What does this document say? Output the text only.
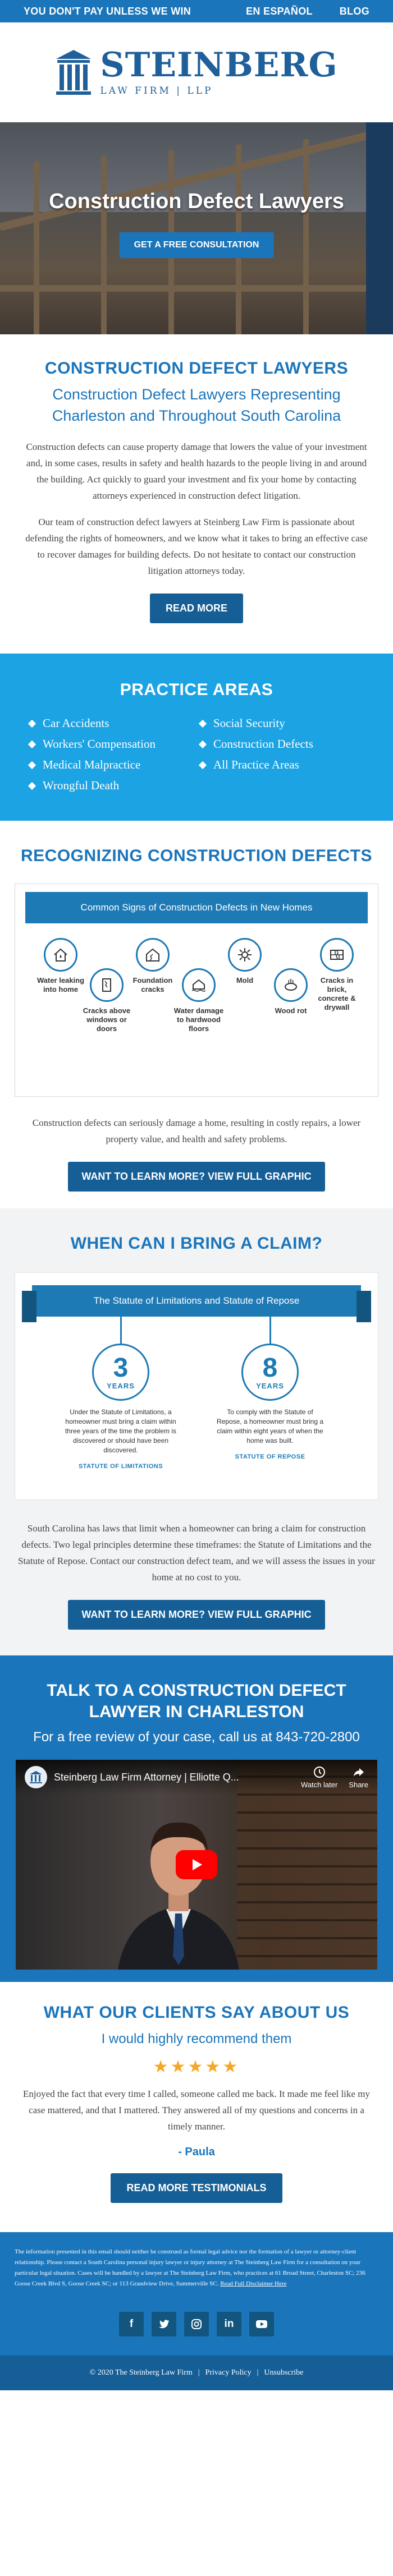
YOU DON'T PAY UNLESS WE WIN	EN ESPAÑOL	BLOG
STEINBERG
LAW FIRM | LLP
Construction Defect Lawyers
GET A FREE CONSULTATION
CONSTRUCTION DEFECT LAWYERS
Construction Defect Lawyers Representing Charleston and Throughout South Carolina

Construction defects can cause property damage that lowers the value of your investment and, in some cases, results in safety and health hazards to the people living in and around the building. Act quickly to guard your investment and fix your home by contacting attorneys experienced in construction defect litigation.

Our team of construction defect lawyers at Steinberg Law Firm is passionate about defending the rights of homeowners, and we know what it takes to bring an effective case to recover damages for building defects. Do not hesitate to contact our construction litigation attorneys today.

READ MORE
PRACTICE AREAS
Car Accidents	Social Security
Workers' Compensation	Construction Defects
Medical Malpractice	All Practice Areas
Wrongful Death
RECOGNIZING CONSTRUCTION DEFECTS
Common Signs of Construction Defects in New Homes
Water leaking into home
Cracks above windows or doors
Foundation cracks
Water damage to hardwood floors
Mold
Wood rot
Cracks in brick, concrete & drywall

Construction defects can seriously damage a home, resulting in costly repairs, a lower property value, and health and safety problems.

WANT TO LEARN MORE? VIEW FULL GRAPHIC
WHEN CAN I BRING A CLAIM?
The Statute of Limitations and Statute of Repose
3
YEARS

Under the Statute of Limitations, a homeowner must bring a claim within three years of the time the problem is discovered or should have been discovered.

STATUTE OF LIMITATIONS
8
YEARS

To comply with the Statute of Repose, a homeowner must bring a claim within eight years of when the home was built.

STATUTE OF REPOSE

South Carolina has laws that limit when a homeowner can bring a claim for construction defects. Two legal principles determine these timeframes: the Statute of Limitations and the Statute of Repose. Contact our construction defect team, and we will assess the issues in your home at no cost to you.

WANT TO LEARN MORE? VIEW FULL GRAPHIC
TALK TO A CONSTRUCTION DEFECT LAWYER IN CHARLESTON
For a free review of your case, call us at 843-720-2800
Steinberg Law Firm Attorney | Elliotte Q...
Watch later Share
WHAT OUR CLIENTS SAY ABOUT US
I would highly recommend them
★★★★★

Enjoyed the fact that every time I called, someone called me back. It made me feel like my case mattered, and that I mattered. They answered all of my questions and concerns in a timely manner.

- Paula
READ MORE TESTIMONIALS

The information presented in this email should neither be construed as formal legal advice nor the formation of a lawyer or attorney-client relationship. Please contact a South Carolina personal injury lawyer or injury attorney at The Steinberg Law Firm for a consultation on your particular legal situation. Cases will be handled by a lawyer at The Steinberg Law Firm, who practices at 61 Broad Street, Charleston SC; 236 Goose Creek Blvd S, Goose Creek SC; or 113 Grandview Drive, Summerville SC. Read Full Disclaimer Here

f	in
© 2020 The Steinberg Law Firm | Privacy Policy | Unsubscribe
